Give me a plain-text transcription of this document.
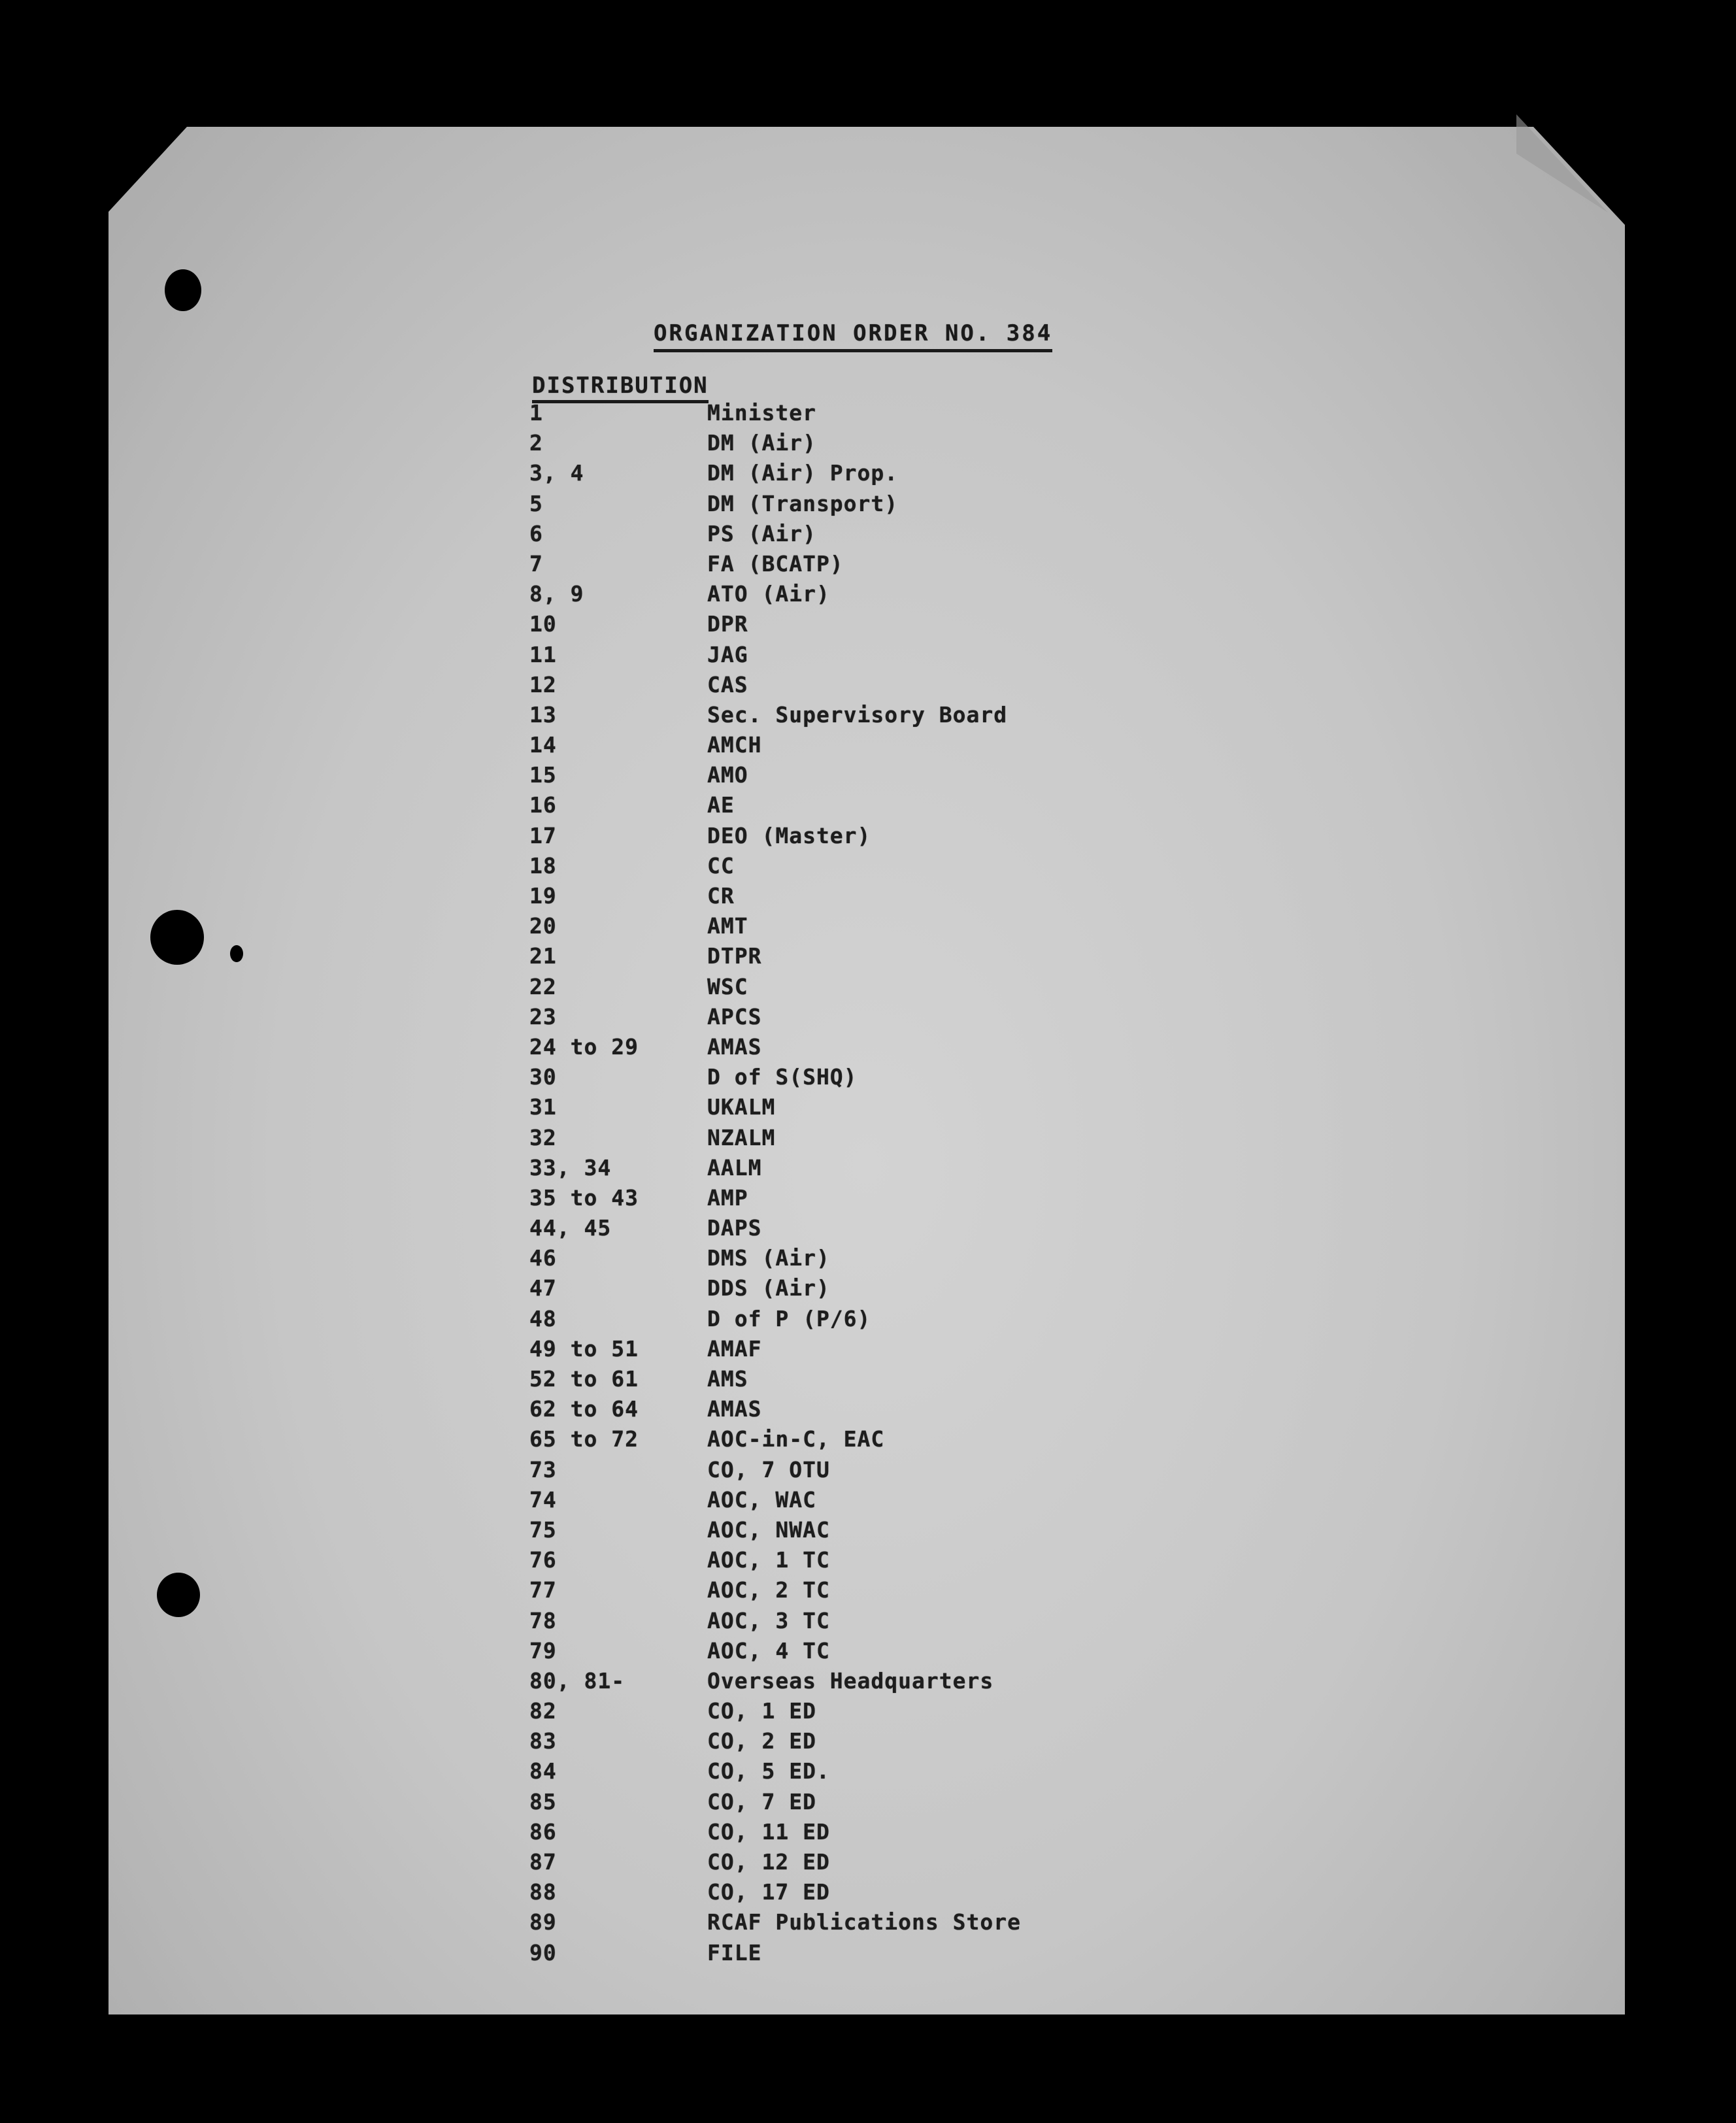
ORGANIZATION ORDER NO. 384
DISTRIBUTION
1	Minister
2	DM (Air)
3, 4	DM (Air) Prop.
5	DM (Transport)
6	PS (Air)
7	FA (BCATP)
8, 9	ATO (Air)
10	DPR
11	JAG
12	CAS
13	Sec. Supervisory Board
14	AMCH
15	AMO
16	AE
17	DEO (Master)
18	CC
19	CR
20	AMT
21	DTPR
22	WSC
23	APCS
24 to 29	AMAS
30	D of S(SHQ)
31	UKALM
32	NZALM
33, 34	AALM
35 to 43	AMP
44, 45	DAPS
46	DMS (Air)
47	DDS (Air)
48	D of P (P/6)
49 to 51	AMAF
52 to 61	AMS
62 to 64	AMAS
65 to 72	AOC-in-C, EAC
73	CO, 7 OTU
74	AOC, WAC
75	AOC, NWAC
76	AOC, 1 TC
77	AOC, 2 TC
78	AOC, 3 TC
79	AOC, 4 TC
80, 81-	Overseas Headquarters
82	CO, 1 ED
83	CO, 2 ED
84	CO, 5 ED.
85	CO, 7 ED
86	CO, 11 ED
87	CO, 12 ED
88	CO, 17 ED
89	RCAF Publications Store
90	FILE
